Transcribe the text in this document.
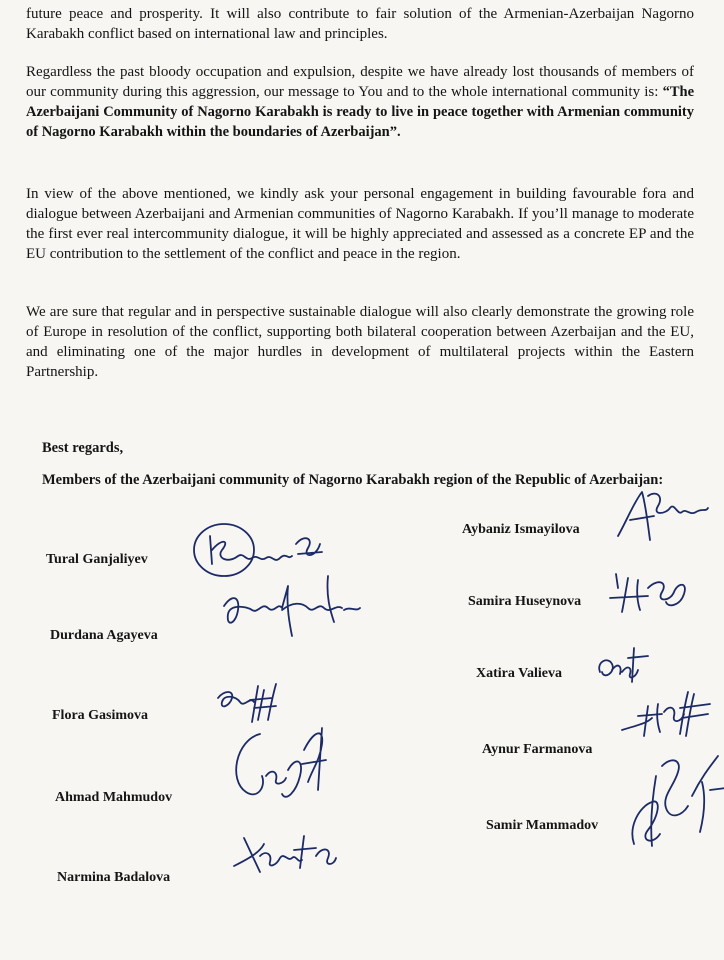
future peace and prosperity. It will also contribute to fair solution of the Armenian-Azerbaijan Nagorno Karabakh conflict based on international law and principles.
Regardless the past bloody occupation and expulsion, despite we have already lost thousands of members of our community during this aggression, our message to You and to the whole international community is: “The Azerbaijani Community of Nagorno Karabakh is ready to live in peace together with Armenian community of Nagorno Karabakh within the boundaries of Azerbaijan”.
In view of the above mentioned, we kindly ask your personal engagement in building favourable fora and dialogue between Azerbaijani and Armenian communities of Nagorno Karabakh. If you’ll manage to moderate the first ever real intercommunity dialogue, it will be highly appreciated and assessed as a concrete EP and the EU contribution to the settlement of the conflict and peace in the region.
We are sure that regular and in perspective sustainable dialogue will also clearly demonstrate the growing role of Europe in resolution of the conflict, supporting both bilateral cooperation between Azerbaijan and the EU, and eliminating one of the major hurdles in development of multilateral projects within the Eastern Partnership.
Best regards,
Members of the Azerbaijani community of Nagorno Karabakh region of the Republic of Azerbaijan:
Tural Ganjaliyev
Durdana Agayeva
Flora Gasimova
Ahmad Mahmudov
Narmina Badalova
Aybaniz Ismayilova
Samira Huseynova
Xatira Valieva
Aynur Farmanova
Samir Mammadov
